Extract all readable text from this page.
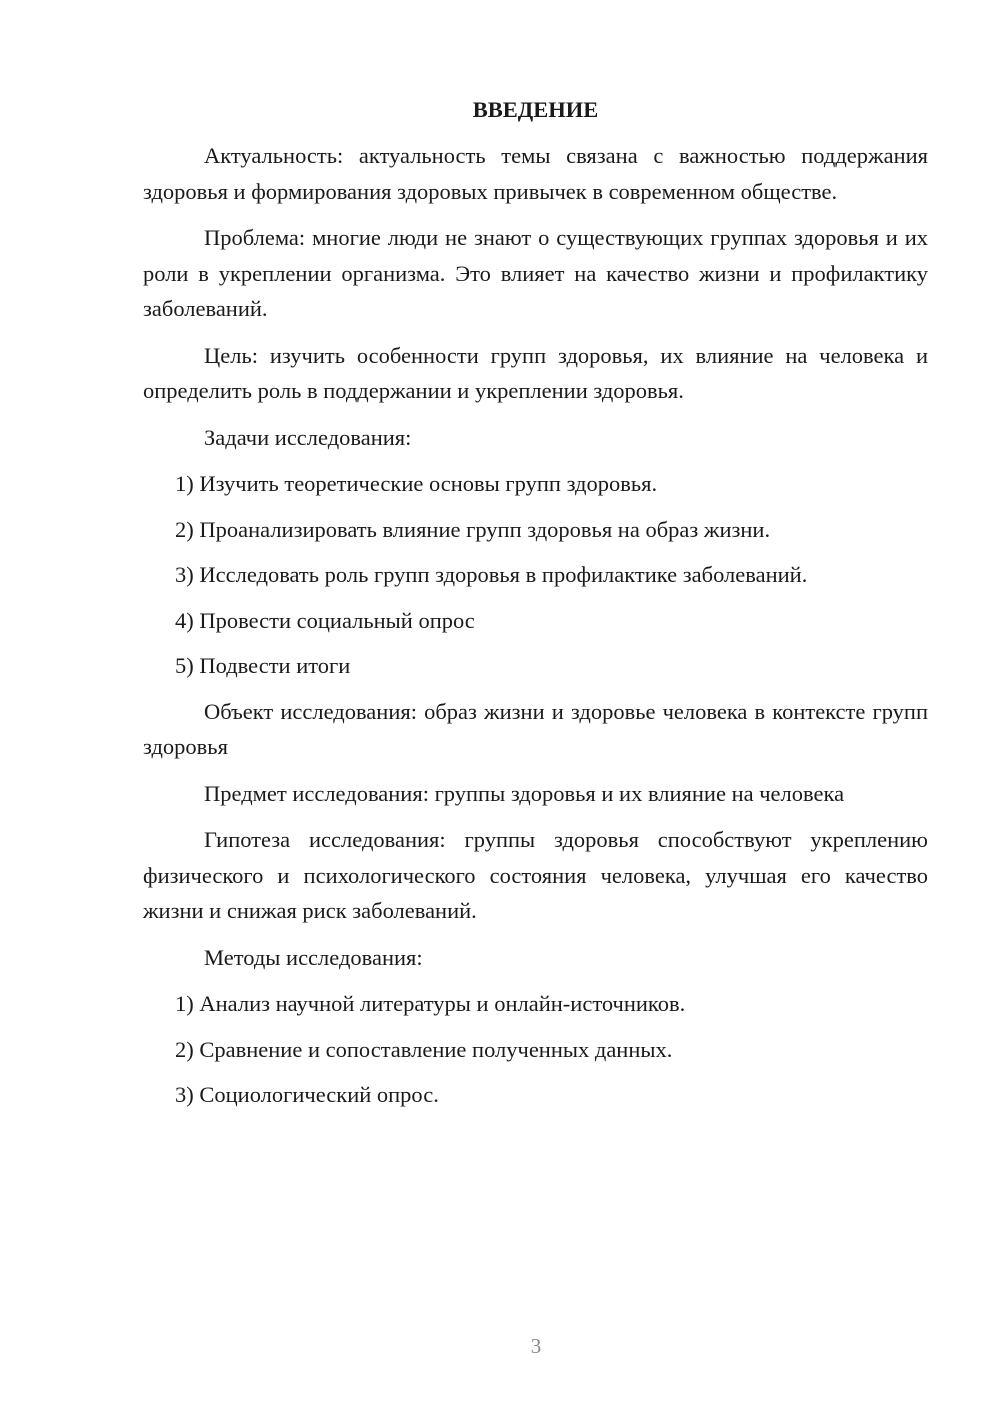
ВВЕДЕНИЕ
Актуальность: актуальность темы связана с важностью поддержания здоровья и формирования здоровых привычек в современном обществе.
Проблема: многие люди не знают о существующих группах здоровья и их роли в укреплении организма. Это влияет на качество жизни и профилактику заболеваний.
Цель: изучить особенности групп здоровья, их влияние на человека и определить роль в поддержании и укреплении здоровья.
Задачи исследования:
1) Изучить теоретические основы групп здоровья.
2) Проанализировать влияние групп здоровья на образ жизни.
3) Исследовать роль групп здоровья в профилактике заболеваний.
4) Провести социальный опрос
5) Подвести итоги
Объект исследования: образ жизни и здоровье человека в контексте групп здоровья
Предмет исследования: группы здоровья и их влияние на человека
Гипотеза исследования: группы здоровья способствуют укреплению физического и психологического состояния человека, улучшая его качество жизни и снижая риск заболеваний.
Методы исследования:
1) Анализ научной литературы и онлайн-источников.
2) Сравнение и сопоставление полученных данных.
3) Социологический опрос.
3
